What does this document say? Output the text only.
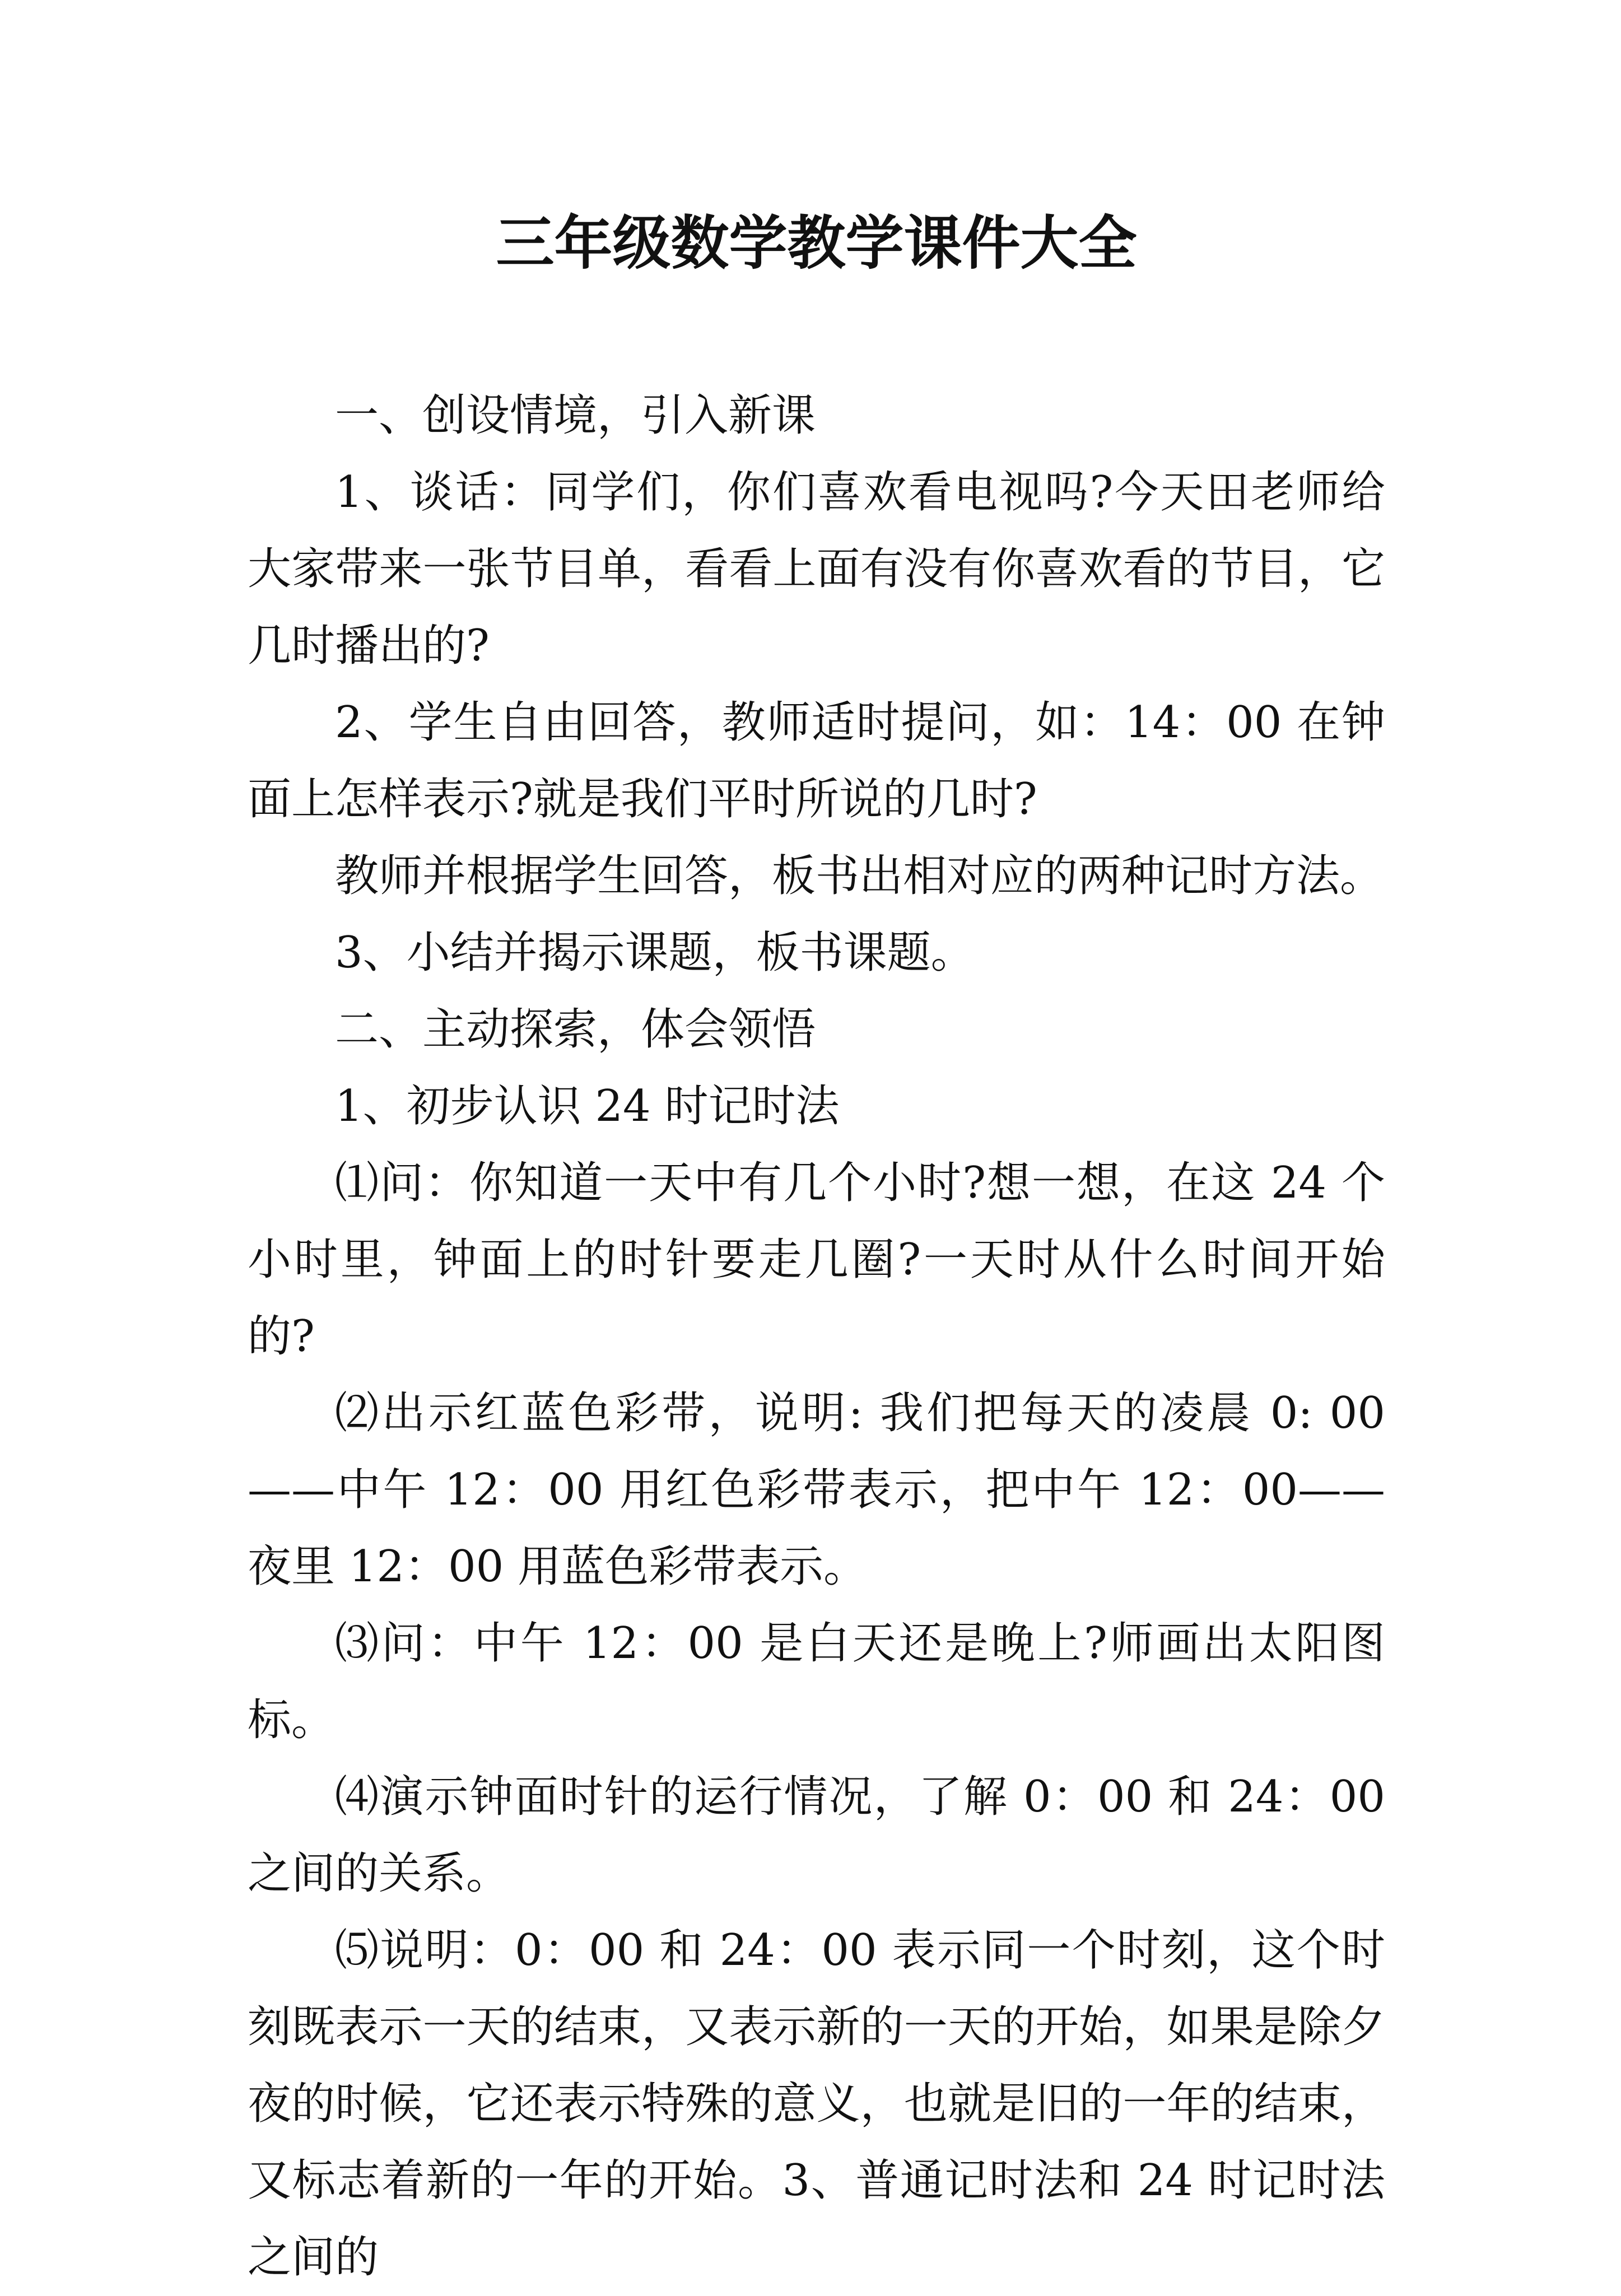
三年级数学教学课件大全

一、创设情境，引入新课

1、谈话：同学们，你们喜欢看电视吗?今天田老师给大家带来一张节目单，看看上面有没有你喜欢看的节目，它几时播出的?

2、学生自由回答，教师适时提问，如：14：00 在钟面上怎样表示?就是我们平时所说的几时?

教师并根据学生回答，板书出相对应的两种记时方法。

3、小结并揭示课题，板书课题。

二、主动探索，体会领悟

1、初步认识 24 时记时法

⑴问：你知道一天中有几个小时?想一想，在这 24 个小时里，钟面上的时针要走几圈?一天时从什么时间开始的?

⑵出示红蓝色彩带，说明: 我们把每天的凌晨 0: 00——中午 12：00 用红色彩带表示，把中午 12：00——夜里 12：00 用蓝色彩带表示。

⑶问：中午 12：00 是白天还是晚上?师画出太阳图标。

⑷演示钟面时针的运行情况，了解 0：00 和 24：00 之间的关系。

⑸说明：0：00 和 24：00 表示同一个时刻，这个时刻既表示一天的结束，又表示新的一天的开始，如果是除夕夜的时候，它还表示特殊的意义，也就是旧的一年的结束，又标志着新的一年的开始。3、普通记时法和 24 时记时法之间的
